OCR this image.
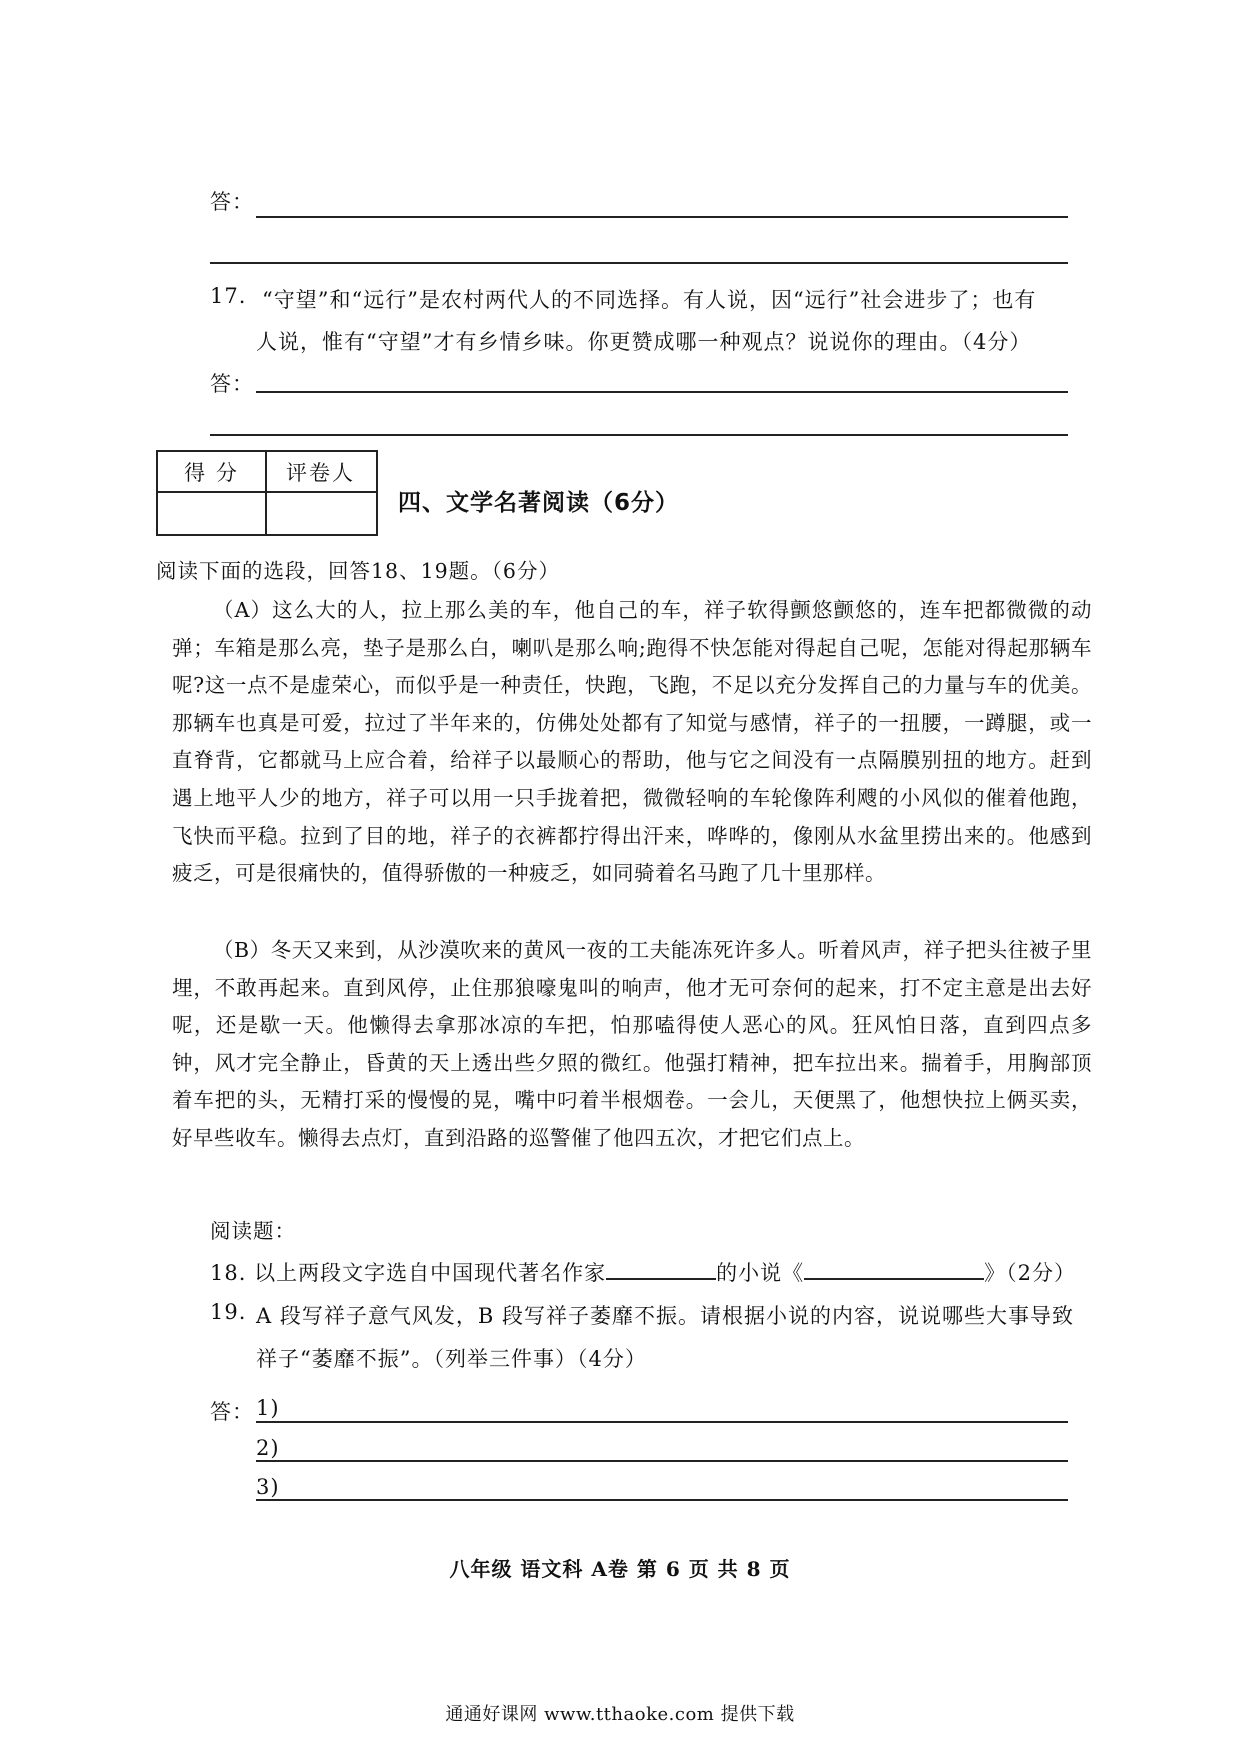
答：
17. “守望”和“远行”是农村两代人的不同选择。有人说，因“远行”社会进步了；也有
人说，惟有“守望”才有乡情乡味。你更赞成哪一种观点？说说你的理由。（4分）
答：
得 分	评卷人
四、文学名著阅读（6分）
阅读下面的选段，回答18、19题。（6分）

（A）这么大的人，拉上那么美的车，他自己的车，祥子软得颤悠颤悠的，连车把都微微的动弹；车箱是那么亮，垫子是那么白，喇叭是那么响;跑得不快怎能对得起自己呢，怎能对得起那辆车呢?这一点不是虚荣心，而似乎是一种责任，快跑，飞跑，不足以充分发挥自己的力量与车的优美。那辆车也真是可爱，拉过了半年来的，仿佛处处都有了知觉与感情，祥子的一扭腰，一蹲腿，或一直脊背，它都就马上应合着，给祥子以最顺心的帮助，他与它之间没有一点隔膜别扭的地方。赶到遇上地平人少的地方，祥子可以用一只手拢着把，微微轻响的车轮像阵利飕的小风似的催着他跑，飞快而平稳。拉到了目的地，祥子的衣裤都拧得出汗来，哗哗的，像刚从水盆里捞出来的。他感到疲乏，可是很痛快的，值得骄傲的一种疲乏，如同骑着名马跑了几十里那样。

（B）冬天又来到，从沙漠吹来的黄风一夜的工夫能冻死许多人。听着风声，祥子把头往被子里埋，不敢再起来。直到风停，止住那狼嚎鬼叫的响声，他才无可奈何的起来，打不定主意是出去好呢，还是歇一天。他懒得去拿那冰凉的车把，怕那嗑得使人恶心的风。狂风怕日落，直到四点多钟，风才完全静止，昏黄的天上透出些夕照的微红。他强打精神，把车拉出来。揣着手，用胸部顶着车把的头，无精打采的慢慢的晃，嘴中叼着半根烟卷。一会儿，天便黑了，他想快拉上俩买卖，好早些收车。懒得去点灯，直到沿路的巡警催了他四五次，才把它们点上。

阅读题：
18. 以上两段文字选自中国现代著名作家	的小说《	》（2分）
19. A 段写祥子意气风发，B 段写祥子萎靡不振。请根据小说的内容，说说哪些大事导致
祥子“萎靡不振”。（列举三件事）（4分）
答： 1)
2)
3)
八年级 语文科 A卷 第 6 页 共 8 页
通通好课网 www.tthaoke.com 提供下载
